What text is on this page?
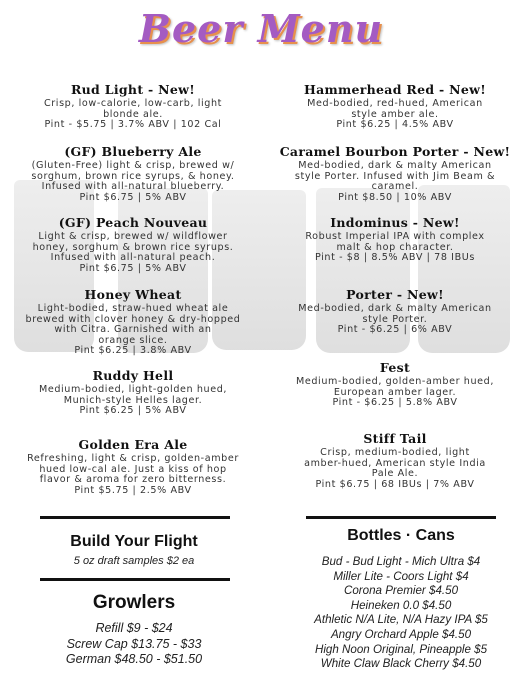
Beer Menu
Rud Light - New!

Crisp, low-calorie, low-carb, light

blonde ale.

Pint - $5.75 | 3.7% ABV | 102 Cal

(GF) Blueberry Ale

(Gluten-Free) light & crisp, brewed w/

sorghum, brown rice syrups, & honey.

Infused with all-natural blueberry.

Pint $6.75 | 5% ABV

(GF) Peach Nouveau

Light & crisp, brewed w/ wildflower

honey, sorghum & brown rice syrups.

Infused with all-natural peach.

Pint $6.75 | 5% ABV

Honey Wheat

Light-bodied, straw-hued wheat ale

brewed with clover honey & dry-hopped

with Citra. Garnished with an

orange slice.

Pint $6.25 | 3.8% ABV

Ruddy Hell

Medium-bodied, light-golden hued,

Munich-style Helles lager.

Pint $6.25 | 5% ABV

Golden Era Ale

Refreshing, light & crisp, golden-amber

hued low-cal ale. Just a kiss of hop

flavor & aroma for zero bitterness.

Pint $5.75 | 2.5% ABV

Hammerhead Red - New!

Med-bodied, red-hued, American

style amber ale.

Pint $6.25 | 4.5% ABV

Caramel Bourbon Porter - New!

Med-bodied, dark & malty American

style Porter. Infused with Jim Beam &

caramel.

Pint $8.50 | 10% ABV

Indominus - New!

Robust Imperial IPA with complex

malt & hop character.

Pint - $8 | 8.5% ABV | 78 IBUs

Porter - New!

Med-bodied, dark & malty American

style Porter.

Pint - $6.25 | 6% ABV

Fest

Medium-bodied, golden-amber hued,

European amber lager.

Pint - $6.25 | 5.8% ABV

Stiff Tail

Crisp, medium-bodied, light

amber-hued, American style India

Pale Ale.

Pint $6.75 | 68 IBUs | 7% ABV

Build Your Flight
5 oz draft samples $2 ea
Growlers
Refill $9 - $24
Screw Cap $13.75 - $33
German $48.50 - $51.50
Bottles · Cans
Bud - Bud Light - Mich Ultra $4
Miller Lite - Coors Light $4
Corona Premier $4.50
Heineken 0.0 $4.50
Athletic N/A Lite, N/A Hazy IPA $5
Angry Orchard Apple $4.50
High Noon Original, Pineapple $5
White Claw Black Cherry $4.50
